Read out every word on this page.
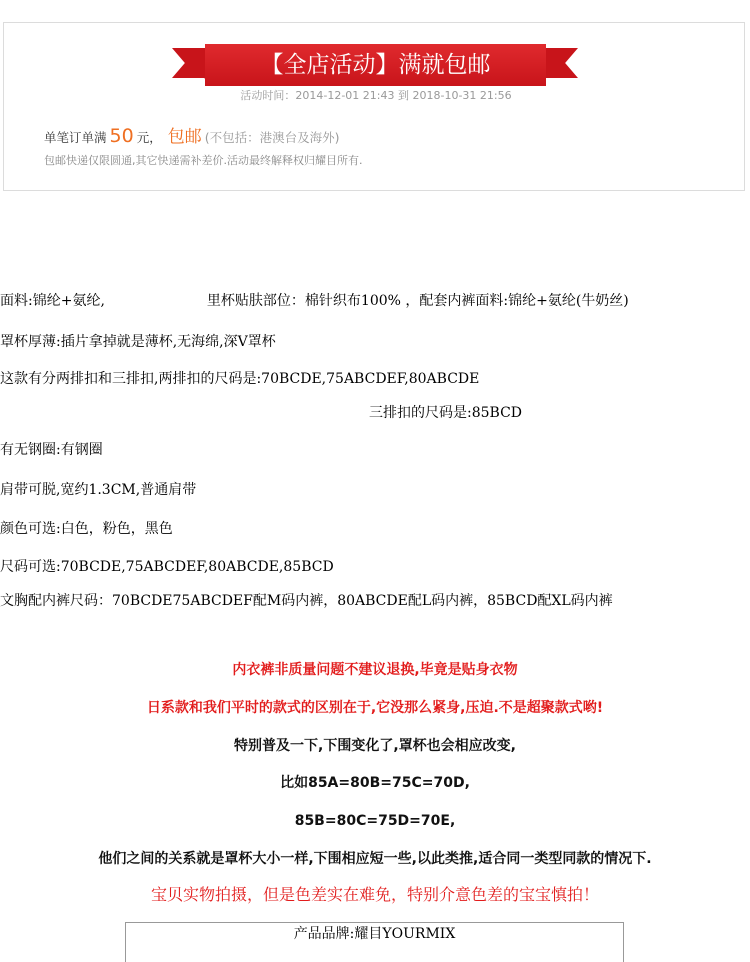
【全店活动】满就包邮
活动时间：2014-12-01 21:43 到 2018-10-31 21:56
单笔订单满 50 元， 包邮 (不包括：港澳台及海外)
包邮快递仅限圆通,其它快递需补差价.活动最终解释权归耀目所有.
面料:锦纶+氨纶,	里杯贴肤部位：棉针织布100% ，配套内裤面料:锦纶+氨纶(牛奶丝)
罩杯厚薄:插片拿掉就是薄杯,无海绵,深V罩杯
这款有分两排扣和三排扣,两排扣的尺码是:70BCDE,75ABCDEF,80ABCDE
三排扣的尺码是:85BCD
有无钢圈:有钢圈
肩带可脱,宽约1.3CM,普通肩带
颜色可选:白色，粉色，黑色
尺码可选:70BCDE,75ABCDEF,80ABCDE,85BCD
文胸配内裤尺码：70BCDE75ABCDEF配M码内裤，80ABCDE配L码内裤，85BCD配XL码内裤
内衣裤非质量问题不建议退换,毕竟是贴身衣物
日系款和我们平时的款式的区别在于,它没那么紧身,压迫.不是超聚款式哟!
特别普及一下,下围变化了,罩杯也会相应改变,
比如85A=80B=75C=70D,
85B=80C=75D=70E,
他们之间的关系就是罩杯大小一样,下围相应短一些,以此类推,适合同一类型同款的情况下.
宝贝实物拍摄，但是色差实在难免，特别介意色差的宝宝慎拍！
产品品牌:耀目YOURMIX
